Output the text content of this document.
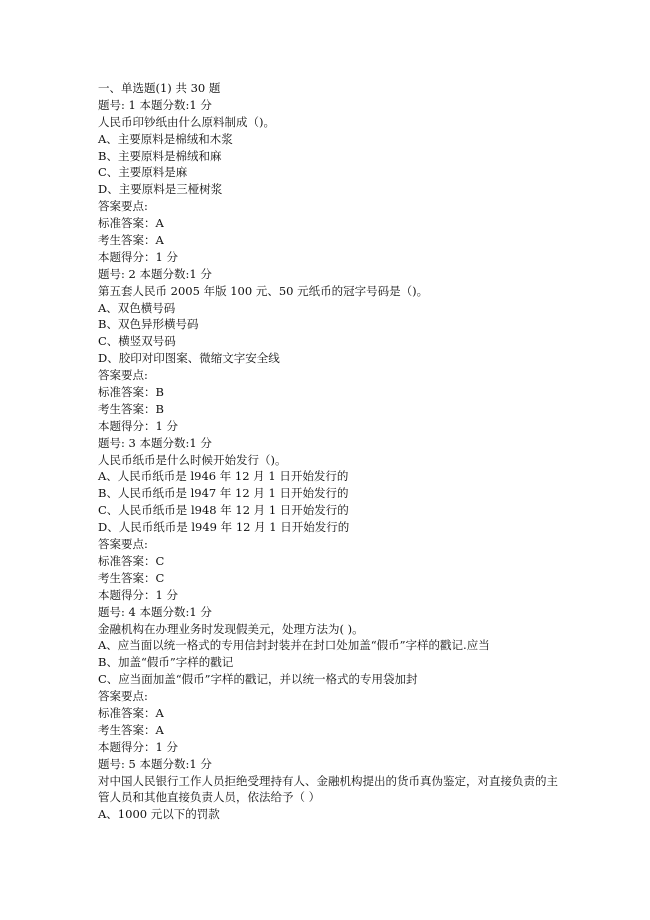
一、单选题(1) 共 30 题
题号: 1 本题分数:1 分
人民币印钞纸由什么原料制成（)。
A、主要原料是棉绒和木浆
B、主要原料是棉绒和麻
C、主要原料是麻
D、主要原料是三桠树浆
答案要点:
标准答案：A
考生答案：A
本题得分：1 分
题号: 2 本题分数:1 分
第五套人民币 2005 年版 100 元、50 元纸币的冠字号码是（)。
A、双色横号码
B、双色异形横号码
C、横竖双号码
D、胶印对印图案、微缩文字安全线
答案要点:
标准答案：B
考生答案：B
本题得分：1 分
题号: 3 本题分数:1 分
人民币纸币是什么时候开始发行（)。
A、人民币纸币是 l946 年 12 月 1 日开始发行的
B、人民币纸币是 l947 年 12 月 1 日开始发行的
C、人民币纸币是 l948 年 12 月 1 日开始发行的
D、人民币纸币是 l949 年 12 月 1 日开始发行的
答案要点:
标准答案：C
考生答案：C
本题得分：1 分
题号: 4 本题分数:1 分
金融机构在办理业务时发现假美元，处理方法为( )。
A、应当面以统一格式的专用信封封装并在封口处加盖“假币”字样的戳记.应当
B、加盖“假币”字样的戳记
C、应当面加盖“假币”字样的戳记，并以统一格式的专用袋加封
答案要点:
标准答案：A
考生答案：A
本题得分：1 分
题号: 5 本题分数:1 分
对中国人民银行工作人员拒绝受理持有人、金融机构提出的货币真伪鉴定，对直接负责的主
管人员和其他直接负责人员，依法给予（ ）
A、1000 元以下的罚款
